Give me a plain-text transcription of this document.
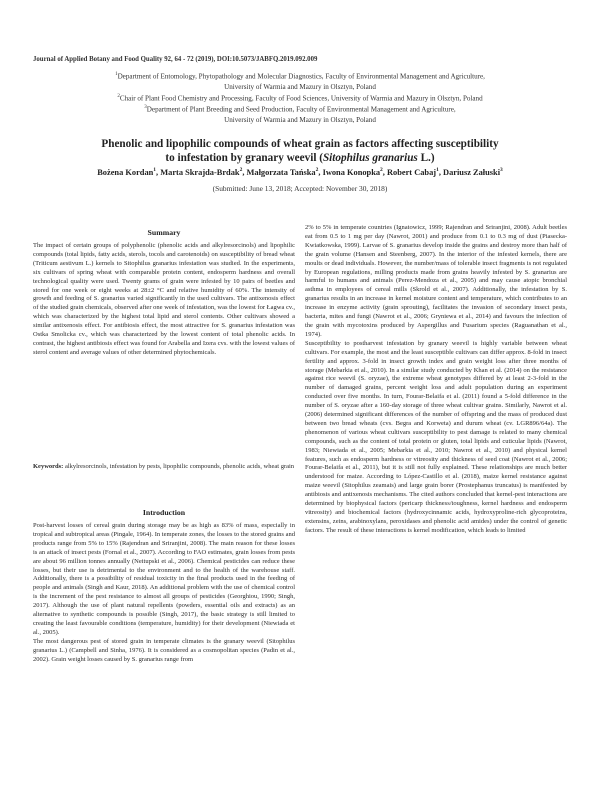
Journal of Applied Botany and Food Quality 92, 64 - 72 (2019), DOI:10.5073/JABFQ.2019.092.009

$^1$Department of Entomology, Phytopathology and Molecular Diagnostics, Faculty of Environmental Management and Agriculture,

University of Warmia and Mazury in Olsztyn, Poland

$^2$Chair of Plant Food Chemistry and Processing, Faculty of Food Sciences, University of Warmia and Mazury in Olsztyn, Poland

$^3$Department of Plant Breeding and Seed Production, Faculty of Environmental Management and Agriculture,

University of Warmia and Mazury in Olsztyn, Poland

Phenolic and lipophilic compounds of wheat grain as factors affecting susceptibility
to infestation by granary weevil (Sitophilus granarius L.)
Bożena Kordan$^1$, Marta Skrajda-Brdak$^2$, Małgorzata Tańska$^2$, Iwona Konopka$^2$, Robert Cabaj$^1$, Dariusz Załuski$^3$
(Submitted: June 13, 2018; Accepted: November 30, 2018)
Summary

The impact of certain groups of polyphenolic (phenolic acids and alkylresorcinols) and lipophilic compounds (total lipids, fatty acids, sterols, tocols and carotenoids) on susceptibility of bread wheat (Triticum aestivum L.) kernels to Sitophilus granarius infestation was studied. In the experiments, six cultivars of spring wheat with comparable protein content, endosperm hardness and overall technological quality were used. Twenty grams of grain were infested by 10 pairs of beetles and stored for one week or eight weeks at 28±2 °C and relative humidity of 60%. The intensity of growth and feeding of S. granarius varied significantly in the used cultivars. The antixenosis effect of the studied grain chemicals, observed after one week of infestation, was the lowest for Łagwa cv., which was characterized by the highest total lipid and sterol contents. Other cultivars showed a similar antixenosis effect. For antibiosis effect, the most attractive for S. granarius infestation was Ostka Smolicka cv., which was characterized by the lowest content of total phenolic acids. In contrast, the highest antibiosis effect was found for Arabella and Izera cvs. with the lowest values of sterol content and average values of other determined phytochemicals.

Keywords: alkylresorcinols, infestation by pests, lipophilic compounds, phenolic acids, wheat grain

Introduction

Post-harvest losses of cereal grain during storage may be as high as 83% of mass, especially in tropical and subtropical areas (Pingale, 1964). In temperate zones, the losses to the stored grains and products range from 5% to 15% (Rajendran and Sriranjini, 2008). The main reason for these losses is an attack of insect pests (Fornal et al., 2007). According to FAO estimates, grain losses from pests are about 96 million tonnes annually (Neitupski et al., 2006). Chemical pesticides can reduce these losses, but their use is detrimental to the environment and to the health of the warehouse staff. Additionally, there is a possibility of residual toxicity in the final products used in the feeding of people and animals (Singh and Kaur, 2018). An additional problem with the use of chemical control is the increment of the pest resistance to almost all groups of pesticides (Georghiou, 1990; Singh, 2017). Although the use of plant natural repellents (powders, essential oils and extracts) as an alternative to synthetic compounds is possible (Singh, 2017), the basic strategy is still limited to creating the least favourable conditions (temperature, humidity) for their development (Niewiada et al., 2005).

The most dangerous pest of stored grain in temperate climates is the granary weevil (Sitophilus granarius L.) (Campbell and Sinha, 1976). It is considered as a cosmopolitan species (Padin et al., 2002). Grain weight losses caused by S. granarius range from

2% to 5% in temperate countries (Ignatowicz, 1999; Rajendran and Sriranjini, 2008). Adult beetles eat from 0.5 to 1 mg per day (Nawrot, 2001) and produce from 0.1 to 0.3 mg of dust (Piasecka-Kwiatkowska, 1999). Larvae of S. granarius develop inside the grains and destroy more than half of the grain volume (Hansen and Steenberg, 2007). In the interior of the infested kernels, there are moults or dead individuals. However, the number/mass of tolerable insect fragments is not regulated by European regulations, milling products made from grains heavily infested by S. granarius are harmful to humans and animals (Perez-Mendoza et al., 2005) and may cause atopic bronchial asthma in employees of cereal mills (Skrold et al., 2007). Additionally, the infestation by S. granarius results in an increase in kernel moisture content and temperature, which contributes to an increase in enzyme activity (grain sprouting), facilitates the invasion of secondary insect pests, bacteria, mites and fungi (Nawrot et al., 2006; Gryniewa et al., 2014) and favours the infection of the grain with mycotoxins produced by Aspergillus and Fusarium species (Raguanathan et al., 1974).

Susceptibility to postharvest infestation by granary weevil is highly variable between wheat cultivars. For example, the most and the least susceptible cultivars can differ approx. 8-fold in insect fertility and approx. 3-fold in insect growth index and grain weight loss after three months of storage (Mebarkia et al., 2010). In a similar study conducted by Khan et al. (2014) on the resistance against rice weevil (S. oryzae), the extreme wheat genotypes differed by at least 2-3-fold in the number of damaged grains, percent weight loss and adult population during an experiment conducted over five months. In turn, Fourar-Belaifa et al. (2011) found a 5-fold difference in the number of S. oryzae after a 160-day storage of three wheat cultivar grains. Similarly, Nawrot et al. (2006) determined significant differences of the number of offspring and the mass of produced dust between two bread wheats (cvs. Begra and Korweta) and durum wheat (cv. LGR896/64a). The phenomenon of various wheat cultivars susceptibility to pest damage is related to many chemical compounds, such as the content of total protein or gluten, total lipids and cuticular lipids (Nawrot, 1983; Niewiada et al., 2005; Mebarkia et al., 2010; Nawrot et al., 2010) and physical kernel features, such as endosperm hardness or vitreosity and thickness of seed coat (Nawrot et al., 2006; Fourar-Belaifa et al., 2011), but it is still not fully explained. These relationships are much better understood for maize. According to López-Castillo et al. (2018), maize kernel resistance against maize weevil (Sitophilus zeamais) and large grain borer (Prostephanus truncatus) is manifested by antibiosis and antixenosis mechanisms. The cited authors concluded that kernel-pest interactions are determined by biophysical factors (pericarp thickness/toughness, kernel hardness and endosperm vitreosity) and biochemical factors (hydroxycinnamic acids, hydroxyproline-rich glycoproteins, extensins, zeins, arabinoxylans, peroxidases and phenolic acid amides) under the control of genetic factors. The result of these interactions is kernel modification, which leads to limited
